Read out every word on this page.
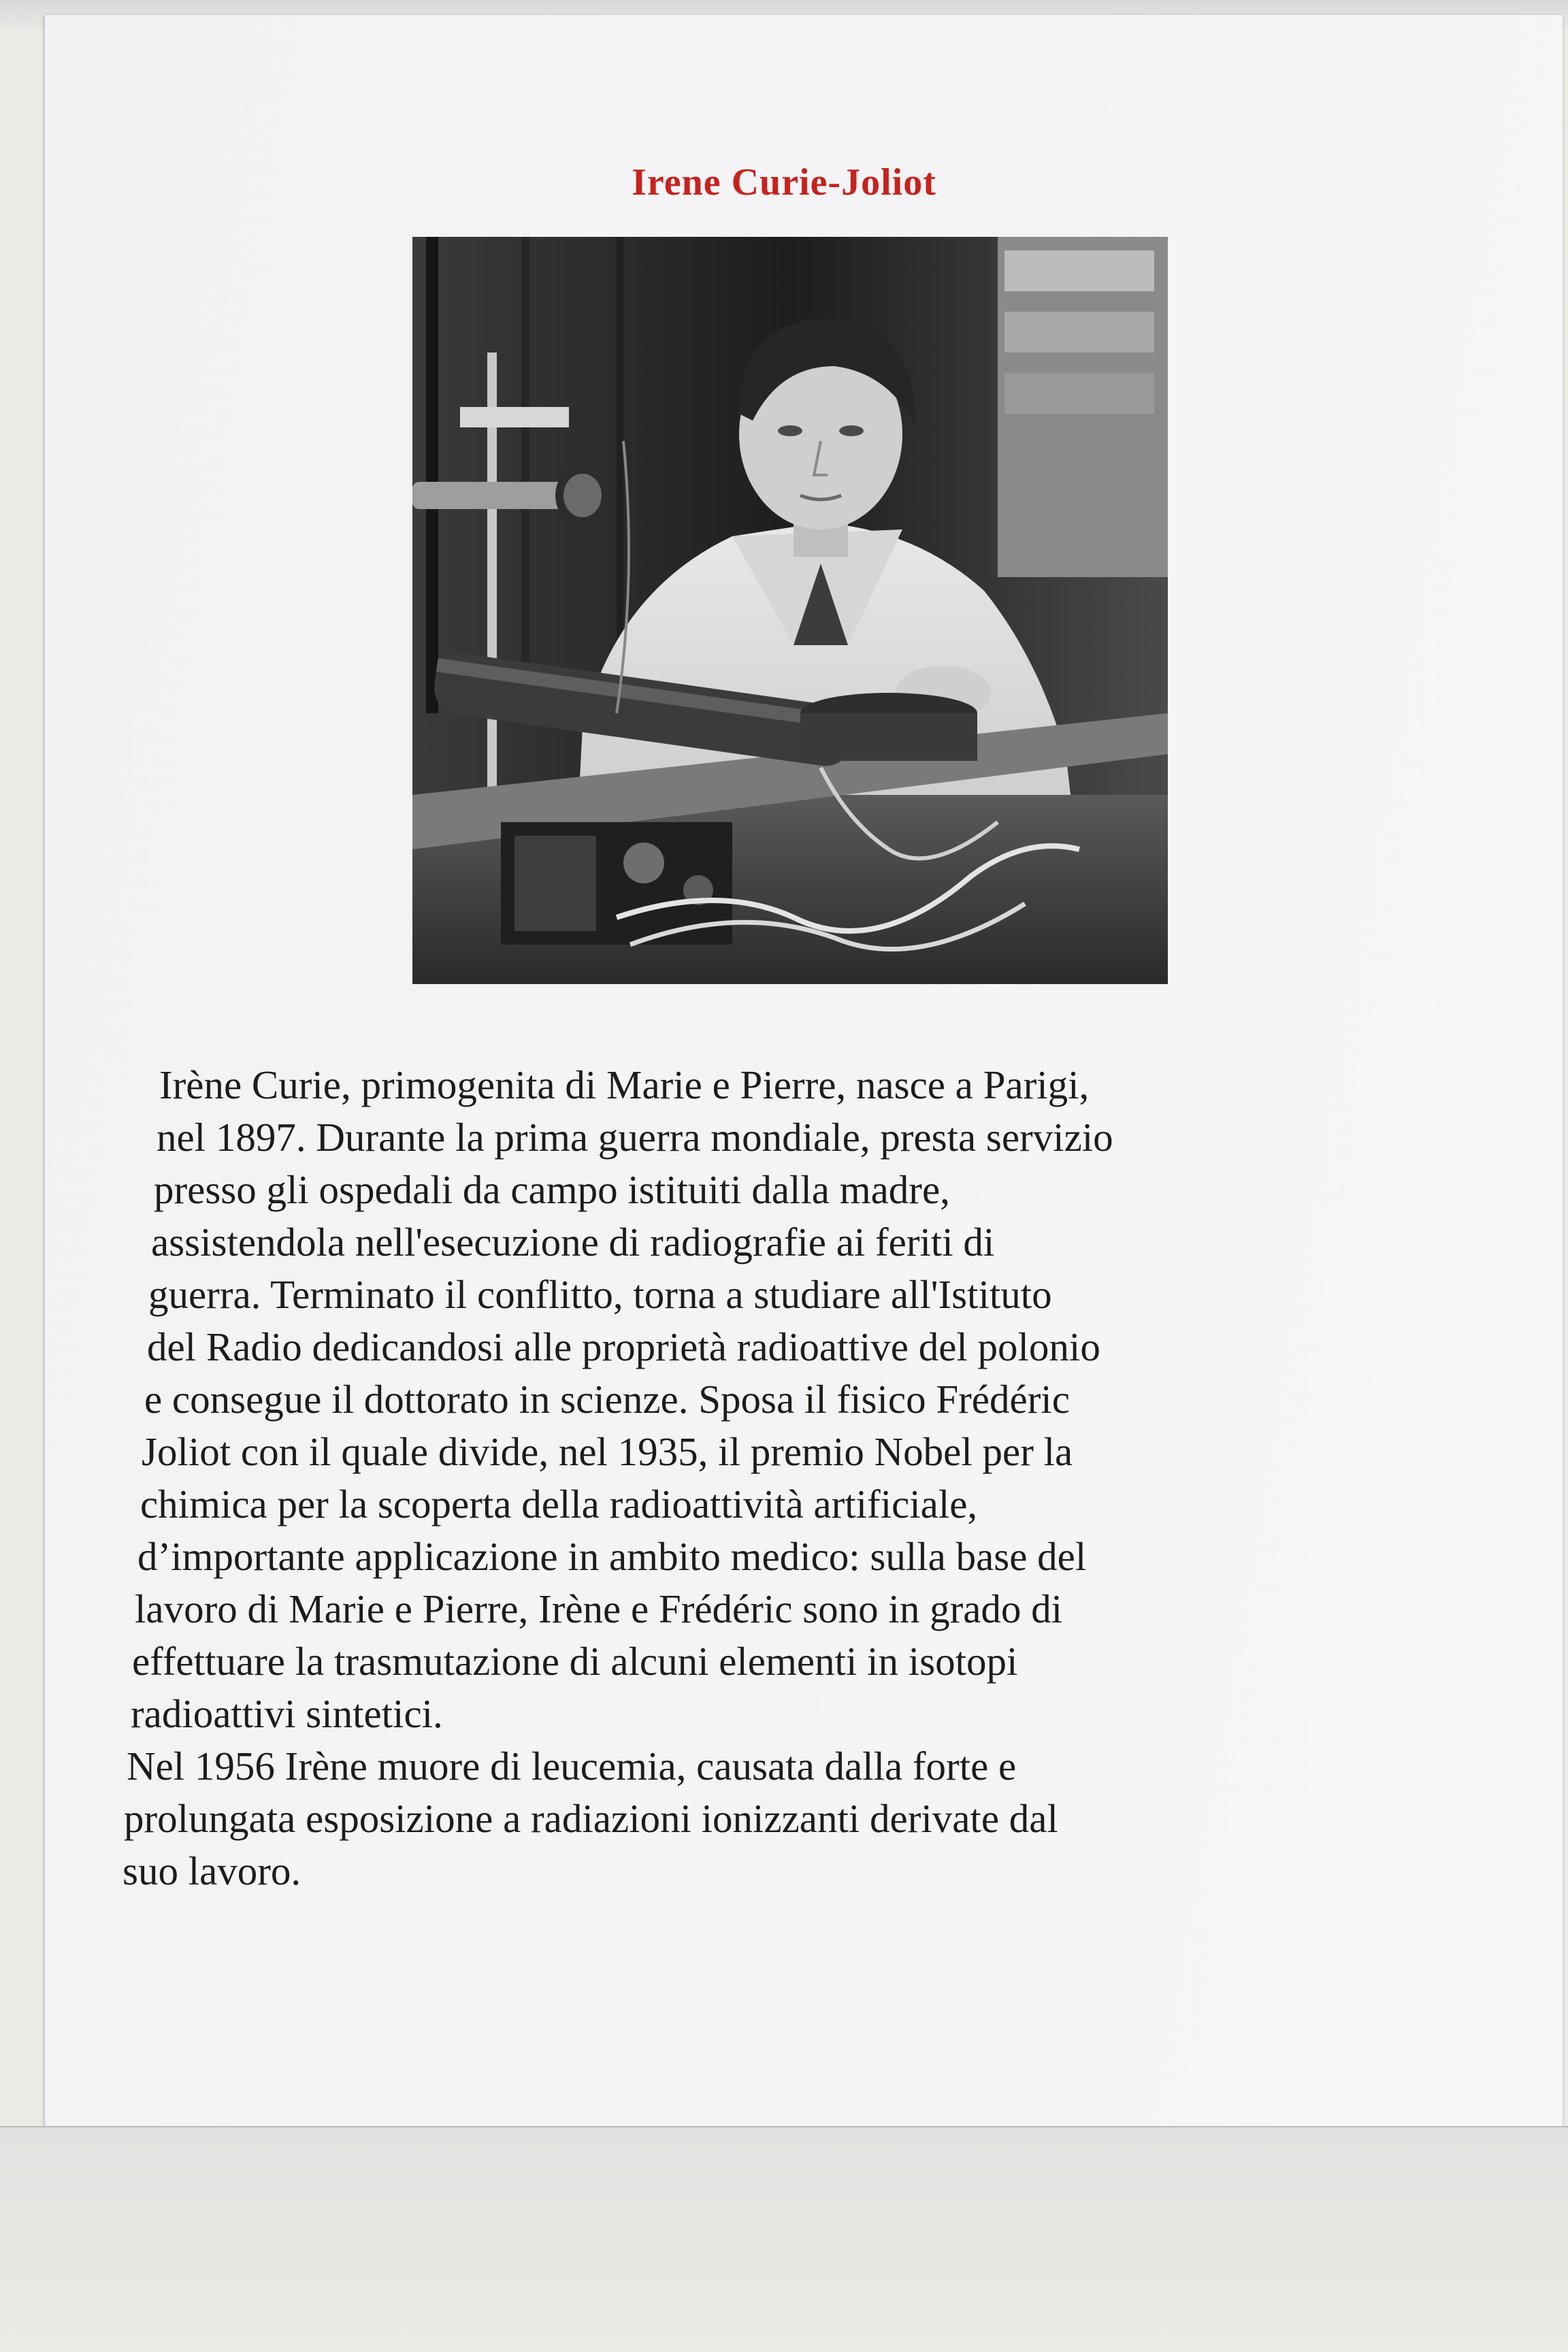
Irene Curie-Joliot
Irène Curie, primogenita di Marie e Pierre, nasce a Parigi,
nel 1897. Durante la prima guerra mondiale, presta servizio
presso gli ospedali da campo istituiti dalla madre,
assistendola nell'esecuzione di radiografie ai feriti di
guerra. Terminato il conflitto, torna a studiare all'Istituto
del Radio dedicandosi alle proprietà radioattive del polonio
e consegue il dottorato in scienze. Sposa il fisico Frédéric
Joliot con il quale divide, nel 1935, il premio Nobel per la
chimica per la scoperta della radioattività artificiale,
d’importante applicazione in ambito medico: sulla base del
lavoro di Marie e Pierre, Irène e Frédéric sono in grado di
effettuare la trasmutazione di alcuni elementi in isotopi
radioattivi sintetici.
Nel 1956 Irène muore di leucemia, causata dalla forte e
prolungata esposizione a radiazioni ionizzanti derivate dal
suo lavoro.
